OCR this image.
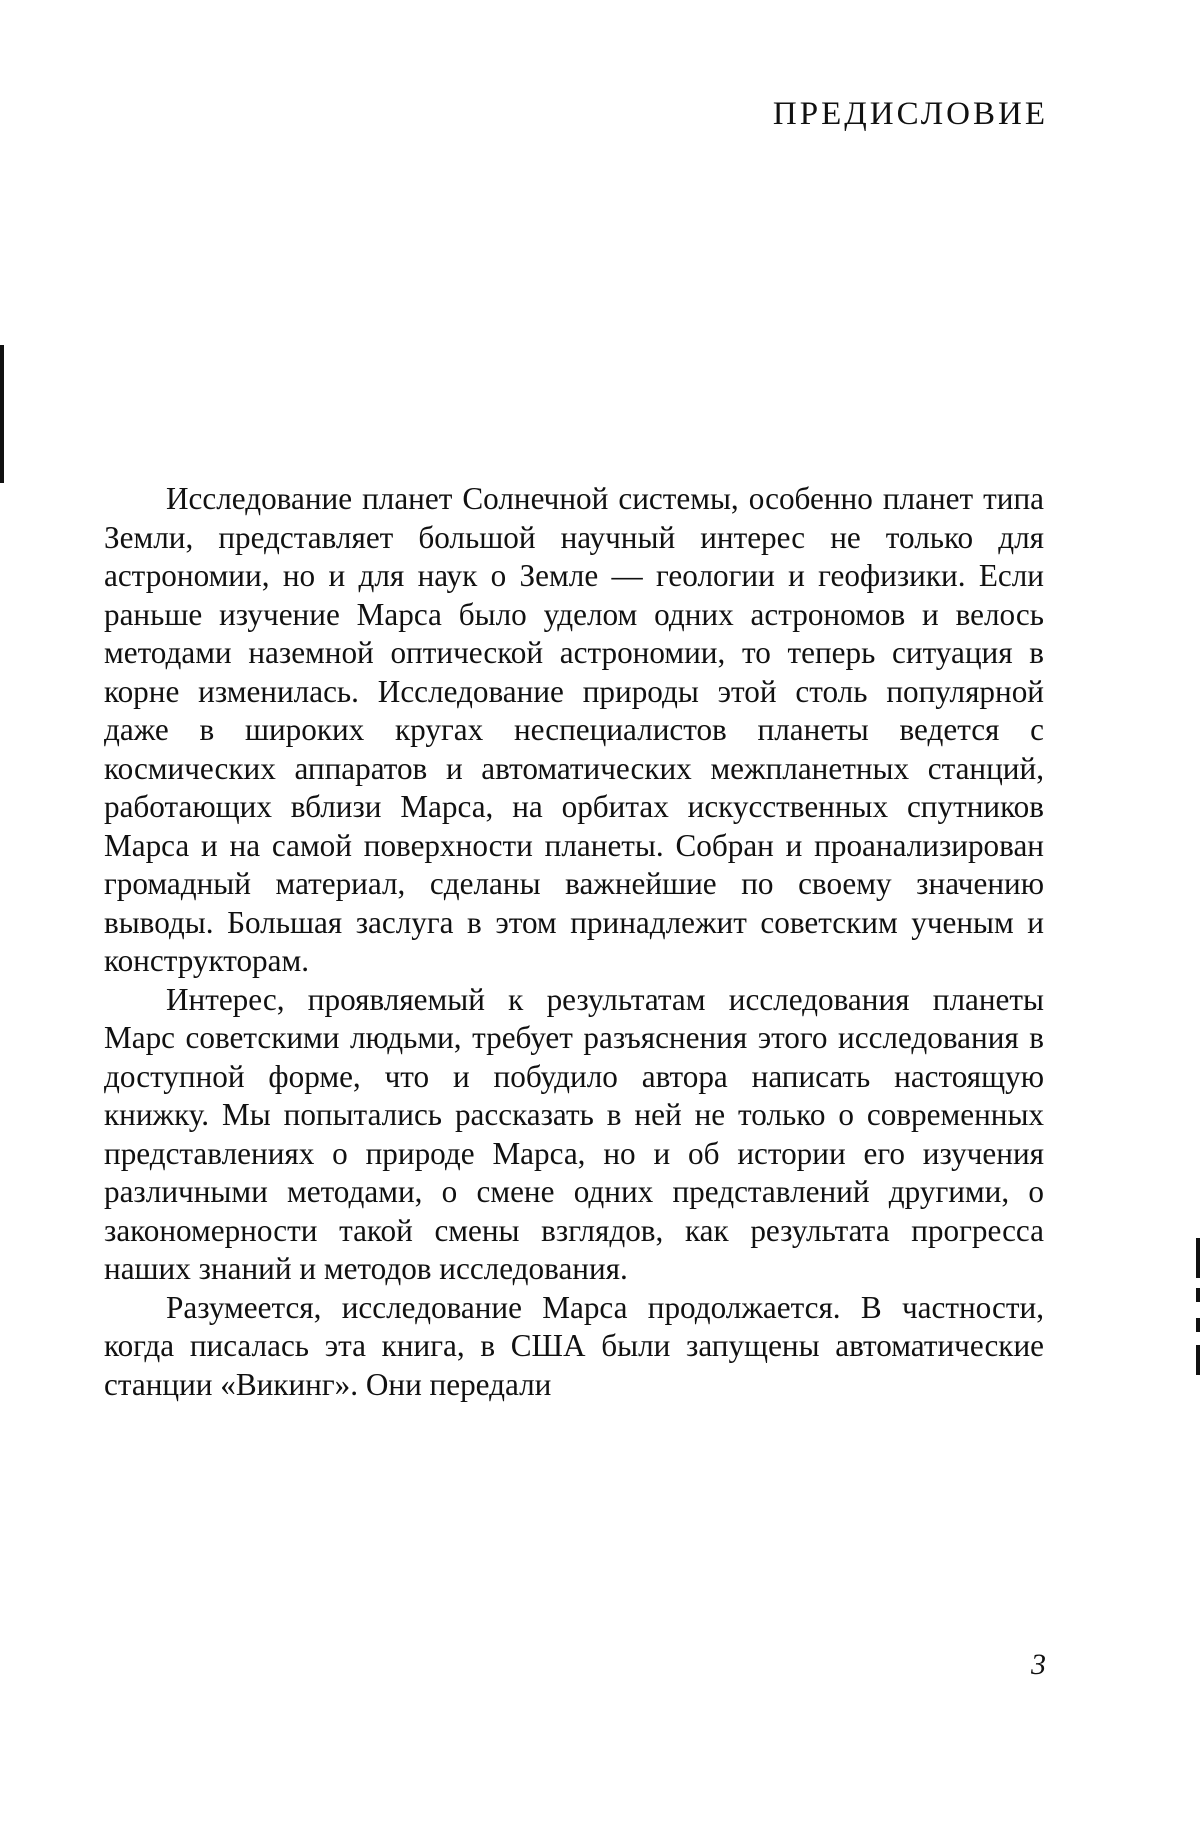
ПРЕДИСЛОВИЕ

Исследование планет Солнечной системы, особенно планет типа Земли, представляет большой научный интерес не только для астрономии, но и для наук о Земле — геологии и геофизики. Если раньше изучение Марса было уделом одних астрономов и велось методами наземной оптической астрономии, то теперь ситуация в корне изменилась. Исследование природы этой столь популярной даже в широких кругах неспециалистов планеты ведется с космических аппаратов и автоматических межпланетных станций, работающих вблизи Марса, на орбитах искусственных спутников Марса и на самой поверхности планеты. Собран и проанализирован громадный материал, сделаны важнейшие по своему значению выводы. Большая заслуга в этом принадлежит советским ученым и конструкторам.

Интерес, проявляемый к результатам исследования планеты Марс советскими людьми, требует разъяснения этого исследования в доступной форме, что и побудило автора написать настоящую книжку. Мы попытались рассказать в ней не только о современных представлениях о природе Марса, но и об истории его изучения различными методами, о смене одних представлений другими, о закономерности такой смены взглядов, как результата прогресса наших знаний и методов исследования.

Разумеется, исследование Марса продолжается. В частности, когда писалась эта книга, в США были запущены автоматические станции «Викинг». Они передали

3
